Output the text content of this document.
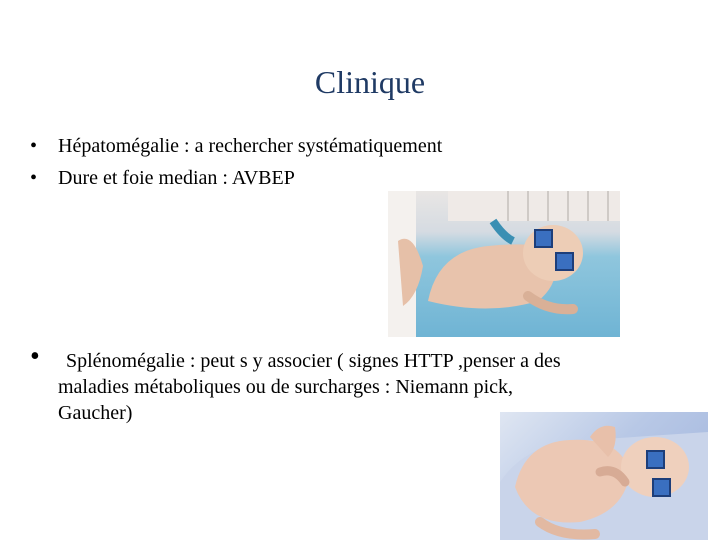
Clinique
•	Hépatomégalie : a rechercher systématiquement
•	Dure et foie median : AVBEP
•	Splénomégalie : peut s y associer ( signes HTTP ,penser a des
maladies métaboliques ou de surcharges : Niemann pick,
Gaucher)
